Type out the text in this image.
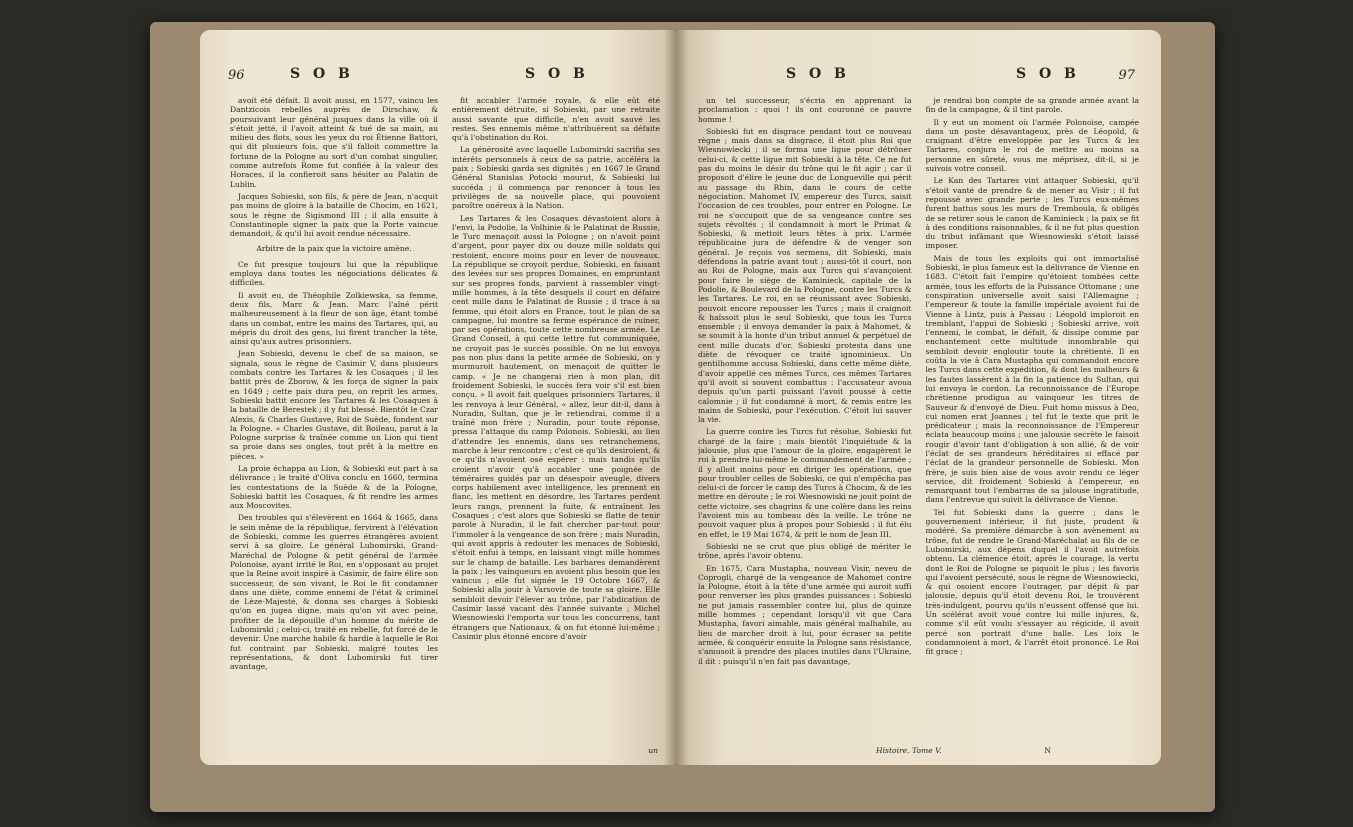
96	S O B	S O B

avoit été défait. Il avoit aussi, en 1577, vaincu les Dantzicois rebelles auprès de Dirschaw, & poursuivant leur général jusques dans la ville où il s'étoit jetté, il l'avoit atteint & tué de sa main, au milieu des flots, sous les yeux du roi Étienne Battori, qui dit plusieurs fois, que s'il falloit commettre la fortune de la Pologne au sort d'un combat singulier, comme autrefois Rome fut confiée à la valeur des Horaces, il la confieroit sans hésiter au Palatin de Lublin.

Jacques Sobieski, son fils, & père de Jean, n'acquit pas moins de gloire à la bataille de Chocim, en 1621, sous le règne de Sigismond III ; il alla ensuite à Constantinople signer la paix que la Porte vaincue demandoit, & qu'il lui avoit rendue nécessaire.

Arbitre de la paix que la victoire amène.

Ce fut presque toujours lui que la république employa dans toutes les négociations délicates & difficiles.

Il avoit eu, de Théophile Zolkiewska, sa femme, deux fils, Marc & Jean. Marc l'aîné périt malheureusement à la fleur de son âge, étant tombé dans un combat, entre les mains des Tartares, qui, au mépris du droit des gens, lui firent trancher la tête, ainsi qu'aux autres prisonniers.

Jean Sobieski, devenu le chef de sa maison, se signala, sous le règne de Casimir V, dans plusieurs combats contre les Tartares & les Cosaques ; il les battit près de Zborow, & les força de signer la paix en 1649 ; cette paix dura peu, on reprit les armes, Sobieski battit encore les Tartares & les Cosaques à la bataille de Berestek ; il y fut blessé. Bientôt le Czar Alexis, & Charles Gustave, Roi de Suède, fondent sur la Pologne. « Charles Gustave, dit Boileau, parut à la Pologne surprise & traînée comme un Lion qui tient sa proie dans ses ongles, tout prêt à la mettre en pièces. »

La proie échappa au Lion, & Sobieski eut part à sa délivrance ; le traité d'Oliva conclu en 1660, termina les contestations de la Suède & de la Pologne, Sobieski battit les Cosaques, & fit rendre les armes aux Moscovites.

Des troubles qui s'élevèrent en 1664 & 1665, dans le sein même de la république, fervirent à l'élévation de Sobieski, comme les guerres étrangères avoient servi à sa gloire. Le général Lubomirski, Grand-Maréchal de Pologne & petit général de l'armée Polonoise, ayant irrité le Roi, en s'opposant au projet que la Reine avoit inspiré à Casimir, de faire élire son successeur, de son vivant, le Roi le fit condamner dans une diète, comme ennemi de l'état & criminel de Lèze-Majesté, & donna ses charges à Sobieski qu'on en jugea digne, mais qu'on vit avec peine, profiter de la dépouille d'un homme du mérite de Lubomirski ; celui-ci, traité en rebelle, fut forcé de le devenir. Une marche habile & hardie à laquelle le Roi fut contraint par Sobieski, malgré toutes les représentations, & dont Lubomirski fut tirer avantage,

fit accabler l'armée royale, & elle eût été entièrement détruite, si Sobieski, par une retraite aussi savante que difficile, n'en avoit sauvé les restes. Ses ennemis même n'attribuèrent sa défaite qu'à l'obstination du Roi.

La générosité avec laquelle Lubomirski sacrifia ses intérêts personnels à ceux de sa patrie, accéléra la paix ; Sobieski garda ses dignités ; en 1667 le Grand Général Stanislas Potocki mourut, & Sobieski lui succéda ; il commença par renoncer à tous les privilèges de sa nouvelle place, qui pouvoient paroître onéreux à la Nation.

Les Tartares & les Cosaques dévastoient alors à l'envi, la Podolie, la Volhinie & le Palatinat de Russie, le Turc menaçoit aussi la Pologne ; on n'avoit point d'argent, pour payer dix ou douze mille soldats qui restoient, encore moins pour en lever de nouveaux. La république se croyoit perdue, Sobieski, en faisant des levées sur ses propres Domaines, en empruntant sur ses propres fonds, parvient à rassembler vingt-mille hommes, à la tête desquels il court en défaire cent mille dans le Palatinat de Russie ; il trace à sa femme, qui étoit alors en France, tout le plan de sa campagne, lui montre sa ferme espérance de ruiner, par ses opérations, toute cette nombreuse armée. Le Grand Conseil, à qui cette lettre fut communiquée, ne croyoit pas le succès possible. On ne lui envoya pas non plus dans la petite armée de Sobieski, on y murmuroit hautement, on menaçoit de quitter le camp. « Je ne changerai rien à mon plan, dit froidement Sobieski, le succès fera voir s'il est bien conçu. » Il avoit fait quelques prisonniers Tartares, il les renvoya à leur Général, « allez, leur dit-il, dans à Nuradin, Sultan, que je le retiendrai, comme il a traîné mon frère ; Nuradin, pour toute réponse, pressa l'attaque du camp Polonois. Sobieski, au lieu d'attendre les ennemis, dans ses retranchemens, marche à leur rencontre ; c'est ce qu'ils desiroient, & ce qu'ils n'avoient osé espérer : mais tandis qu'ils croient n'avoir qu'à accabler une poignée de téméraires guidés par un désespoir aveugle, divers corps habilement avec intelligence, les prennent en flanc, les mettent en désordre, les Tartares perdent leurs rangs, prennent la fuite, & entraînent les Cosaques ; c'est alors que Sobieski se flatte de tenir parole à Nuradin, il le fait chercher par-tout pour l'immoler à la vengeance de son frère ; mais Nuradin, qui avoit appris à redouter les menaces de Sobieski, s'étoit enfui à temps, en laissant vingt mille hommes sur le champ de bataille. Les barbares demandèrent la paix ; les vainqueurs en avoient plus besoin que les vaincus ; elle fut signée le 19 Octobre 1667, & Sobieski alla jouir à Varsovie de toute sa gloire. Elle sembloit devoir l'élever au trône, par l'abdication de Casimir lassé vacant dès l'année suivante ; Michel Wiesnowieski l'emporta sur tous les concurrens, tant étrangers que Nationaux, & on fut étonné lui-même ; Casimir plus étonné encore d'avoir

un
S O B	S O B	97

un tel successeur, s'écria en apprenant la proclamation : quoi ! ils ont couronné ce pauvre homme !

Sobieski fut en disgrace pendant tout ce nouveau règne ; mais dans sa disgrace, il étoit plus Roi que Wiesnowiecki ; il se forma une ligue pour détrôner celui-ci, & cette ligue mit Sobieski à la tête. Ce ne fut pas du moins le désir du trône qui le fit agir ; car il proposoit d'élire le jeune duc de Longueville qui périt au passage du Rhin, dans le cours de cette négociation. Mahomet IV, empereur des Turcs, saisit l'occasion de ces troubles, pour entrer en Pologne. Le roi ne s'occupoit que de sa vengeance contre ses sujets révoltés ; il condamnoit à mort le Primat & Sobieski, & mettoit leurs têtes à prix. L'armée républicaine jura de défendre & de venger son général. Je reçois vos sermens, dit Sobieski, mais défendons la patrie avant tout ; aussi-tôt il court, non au Roi de Pologne, mais aux Turcs qui s'avançoient pour faire le siège de Kaminieck, capitale de la Podolie, & Boulevard de la Pologne, contre les Turcs & les Tartares. Le roi, en se réunissant avec Sobieski, pouvoit encore repousser les Turcs ; mais il craignoit & haïssoit plus le seul Sobieski, que tous les Turcs ensemble ; il envoya demander la paix à Mahomet, & se soumit à la honte d'un tribut annuel & perpétuel de cent mille ducats d'or. Sobieski protesta dans une diète de révoquer ce traité ignominieux. Un gentilhomme accusa Sobieski, dans cette même diète, d'avoir appellé ces mêmes Turcs, ces mêmes Tartares qu'il avoit si souvent combattus : l'accusateur avoua depuis qu'un parti puissant l'avoit poussé à cette calomnie ; il fut condamné à mort, & remis entre les mains de Sobieski, pour l'exécution. C'étoit lui sauver la vie.

La guerre contre les Turcs fut résolue, Sobieski fut chargé de la faire ; mais bientôt l'inquiétude & la jalousie, plus que l'amour de la gloire, engagèrent le roi à prendre lui-même le commandement de l'armée ; il y alloit moins pour en diriger les opérations, que pour troubler celles de Sobieski, ce qui n'empêcha pas celui-ci de forcer le camp des Turcs à Chocim, & de les mettre en déroute ; le roi Wiesnowiski ne jouit point de cette victoire, ses chagrins & une colère dans les reins l'avoient mis au tombeau dès la veille. Le trône ne pouvoit vaquer plus à propos pour Sobieski : il fut élu en effet, le 19 Mai 1674, & prit le nom de Jean III.

Sobieski ne se crut que plus obligé de mériter le trône, après l'avoir obtenu.

En 1675, Cara Mustapha, nouveau Visir, neveu de Coprogli, chargé de la vengeance de Mahomet contre la Pologne, étoit à la tête d'une armée qui auroit suffi pour renverser les plus grandes puissances : Sobieski ne put jamais rassembler contre lui, plus de quinze mille hommes ; cependant lorsqu'il vit que Cara Mustapha, favori aimable, mais général malhabile, au lieu de marcher droit à lui, pour écraser sa petite armée, & conquérir ensuite la Pologne sans résistance, s'amusoit à prendre des places inutiles dans l'Ukraine, il dit : puisqu'il n'en fait pas davantage,

je rendrai bon compte de sa grande armée avant la fin de la campagne, & il tint parole.

Il y eut un moment où l'armée Polonoise, campée dans un poste désavantageux, près de Léopold, & craignant d'être enveloppée par les Turcs & les Tartares, conjura le roi de mettre au moins sa personne en sûreté, vous me méprisez, dit-il, si je suivois votre conseil.

Le Kan des Tartares vint attaquer Sobieski, qu'il s'étoit vanté de prendre & de mener au Visir ; il fut repoussé avec grande perte ; les Turcs eux-mêmes furent battus sous les murs de Tremboula, & obligés de se retirer sous le canon de Kaminieck ; la paix se fit à des conditions raisonnables, & il ne fut plus question du tribut infâmant que Wiesnowieski s'étoit laissé imposer.

Mais de tous les exploits qui ont immortalisé Sobieski, le plus fameux est la délivrance de Vienne en 1683. C'étoit fait l'empire qu'étoient tombées cette armée, tous les efforts de la Puissance Ottomane ; une conspiration universelle avoit saisi l'Allemagne ; l'empereur & toute la famille impériale avoient fui de Vienne à Lintz, puis à Passau : Léopold imploroit en tremblant, l'appui de Sobieski ; Sobieski arrive, voit l'ennemi, le combat, le défait, & dissipe comme par enchantement cette multitude innombrable qui sembloit devoir engloutir toute la chrétienté. Il en coûta la vie à Cara Mustapha qui commandoit encore les Turcs dans cette expédition, & dont les malheurs & les fautes lassèrent à la fin la patience du Sultan, qui lui envoya le cordon. La reconnoissance de l'Europe chrétienne prodigua au vainqueur les titres de Sauveur & d'envoyé de Dieu. Fuit homo missus à Deo, cui nomen erat Joannes ; tel fut le texte que prit le prédicateur ; mais la reconnoissance de l'Empereur éclata beaucoup moins ; une jalousie secrète le faisoit rougir d'avoir tant d'obligation à son allié, & de voir l'éclat de ses grandeurs héréditaires si effacé par l'éclat de la grandeur personnelle de Sobieski. Mon frère, je suis bien aise de vous avoir rendu ce léger service, dit froidement Sobieski à l'empereur, en remarquant tout l'embarras de sa jalouse ingratitude, dans l'entrevue qui suivit la délivrance de Vienne.

Tel fut Sobieski dans la guerre ; dans le gouvernement intérieur, il fut juste, prudent & modéré. Sa première démarche à son avènement au trône, fut de rendre le Grand-Maréchalat au fils de ce Lubomirski, aux dépens duquel il l'avoit autrefois obtenu. La clémence étoit, après le courage, la vertu dont le Roi de Pologne se piquoit le plus ; les favoris qui l'avoient persécuté, sous le règne de Wiesnowiecki, & qui osoient encore l'outrager, par dépit & par jalousie, depuis qu'il étoit devenu Roi, le trouvèrent très-indulgent, pourvu qu'ils n'eussent offensé que lui. Un scélérat avoit voué contre lui mille injures, &, comme s'il eût voulu s'essayer au régicide, il avoit percé son portrait d'une balle. Les loix le condamnoient à mort, & l'arrêt étoit prononcé. Le Roi fit grace ;

Histoire. Tome V.	N
